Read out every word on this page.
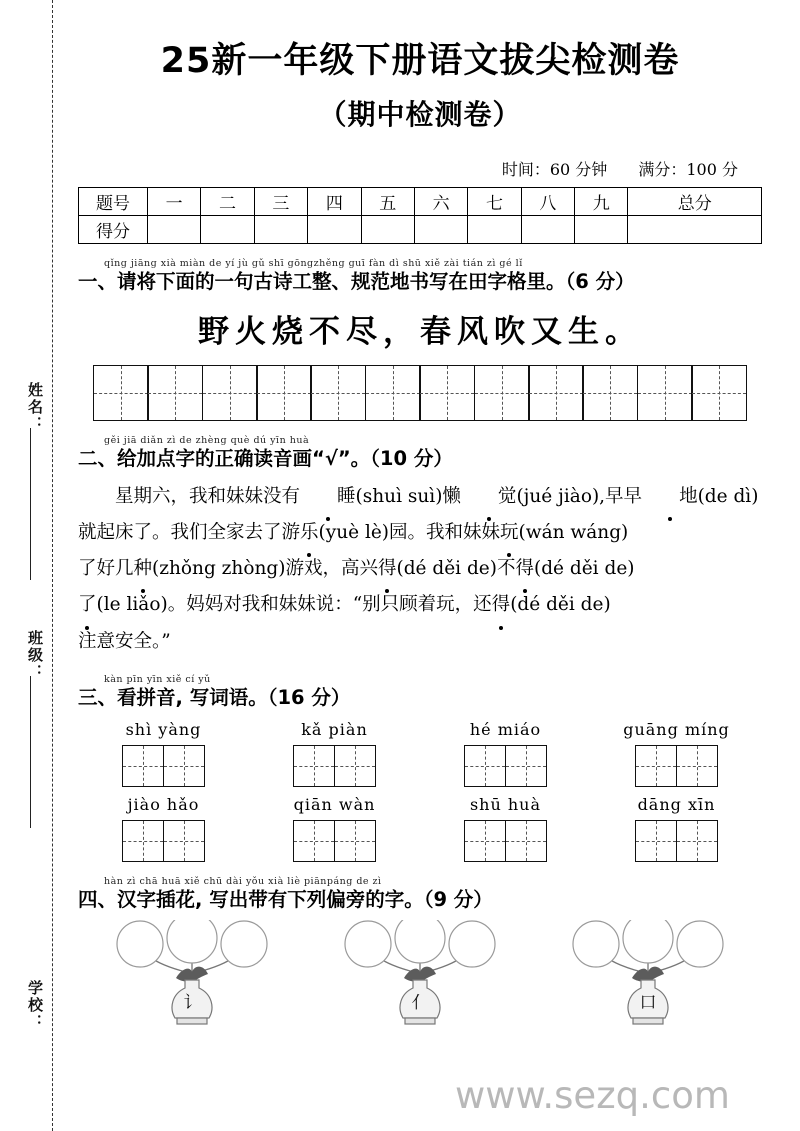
姓名：
班级：
学校：
25新一年级下册语文拔尖检测卷
（期中检测卷）
时间：60 分钟 满分：100 分
题号	一	二	三	四	五	六	七	八	九	总分
得分										
qǐng jiāng xià miàn de yí jù gǔ shī gōngzhěng guī fàn dì shū xiě zài tián zì gé lǐ
一、请将下面的一句古诗工整、规范地书写在田字格里。（6 分）
野火烧不尽，春风吹又生。
gěi jiā diǎn zì de zhèng què dú yīn huà
二、给加点字的正确读音画“√”。（10 分）
星期六，我和妹妹没有 睡(shuì suì)懒 觉(jué jiào),早早 地(de dì)
就起床了。我们全家去了游乐(yuè lè)园。我和妹妹玩(wán wáng)
了好几种(zhǒng zhòng)游戏，高兴得(dé děi de)不得(dé děi de)
了(le liǎo)。妈妈对我和妹妹说：“别只顾着玩，还得(dé děi de)
注意安全。”
kàn pīn yīn xiě cí yǔ
三、看拼音, 写词语。（16 分）
shì yàng	kǎ piàn	hé miáo	guāng míng
jiào hǎo	qiān wàn	shū huà	dāng xīn
hàn zì chā huā xiě chū dài yǒu xià liè piānpáng de zì
四、汉字插花, 写出带有下列偏旁的字。（9 分）
讠	亻	口
www.sezq.com
